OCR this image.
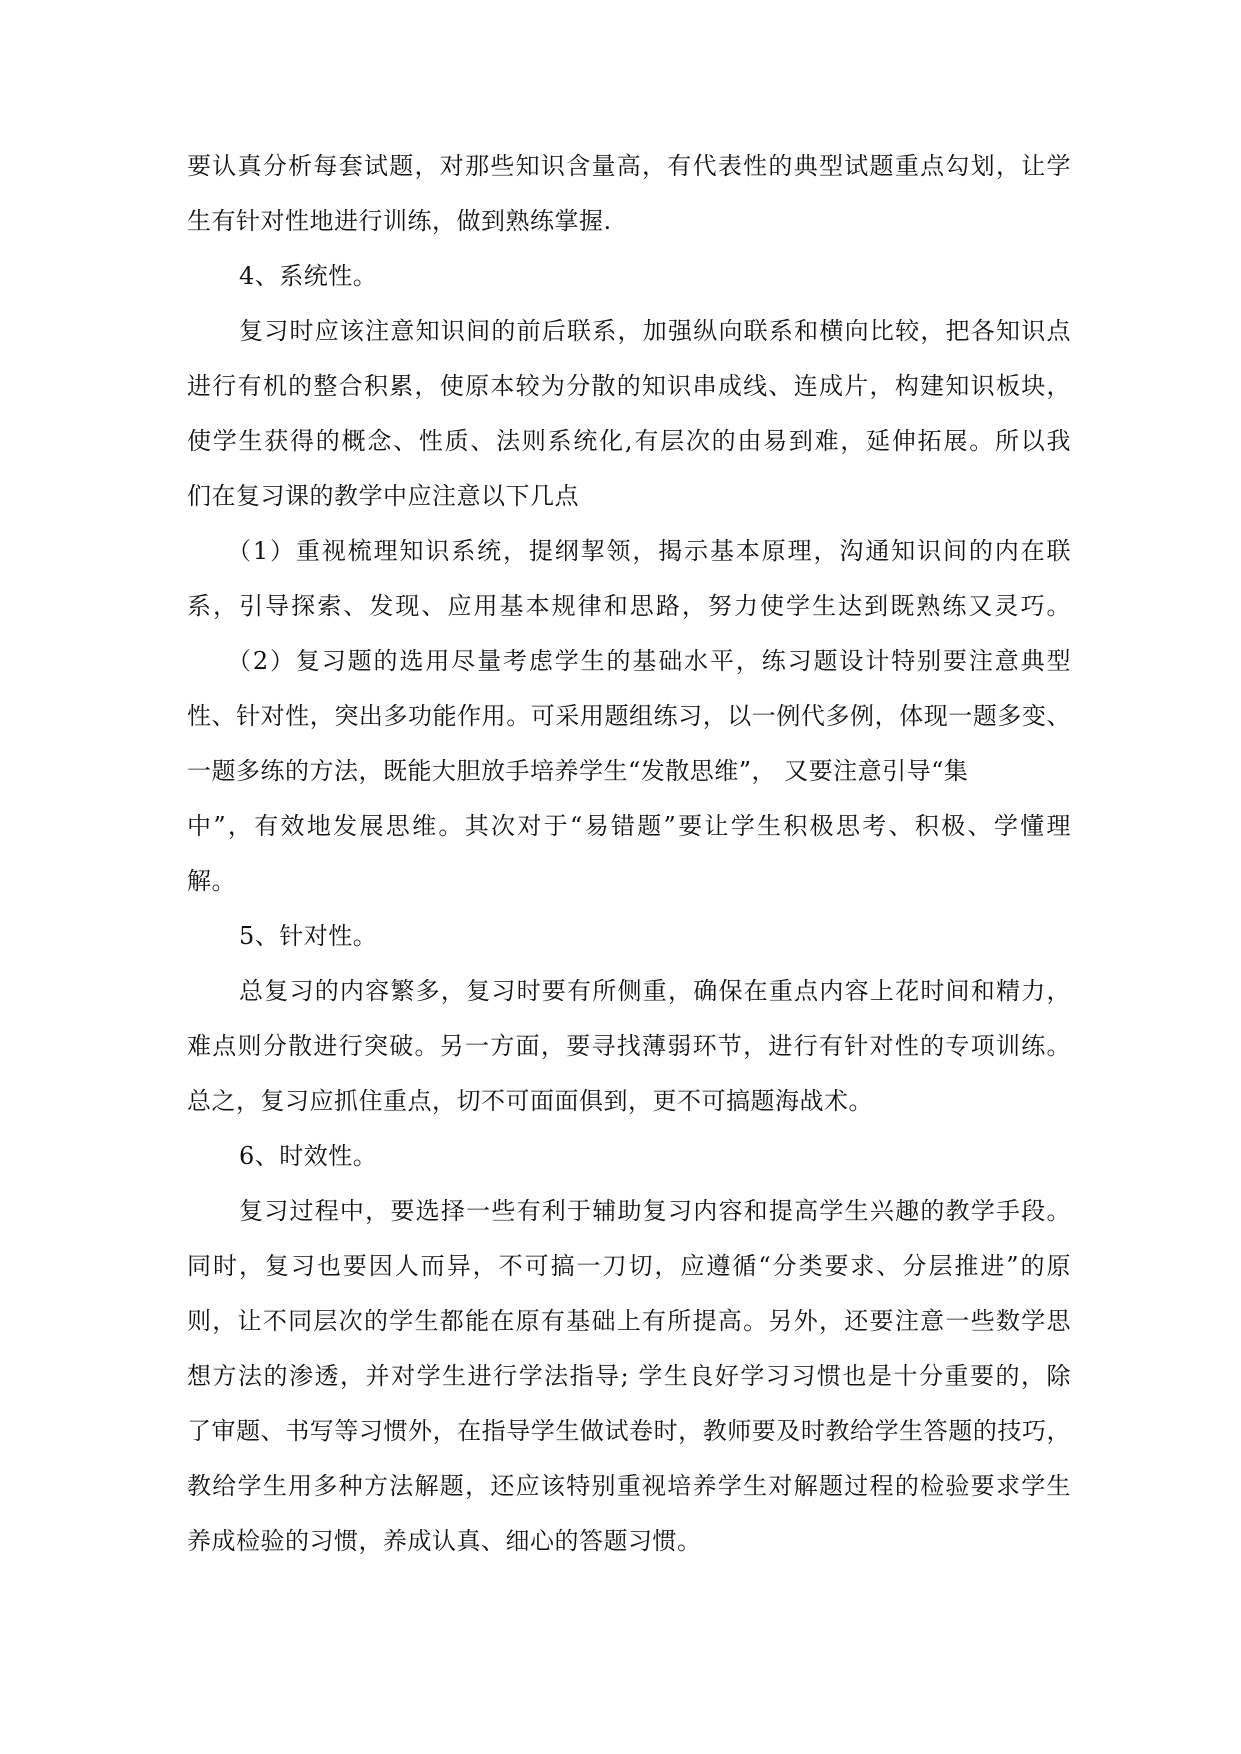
要认真分析每套试题，对那些知识含量高，有代表性的典型试题重点勾划，让学
生有针对性地进行训练，做到熟练掌握.
4、系统性。
复习时应该注意知识间的前后联系，加强纵向联系和横向比较，把各知识点
进行有机的整合积累，使原本较为分散的知识串成线、连成片，构建知识板块，
使学生获得的概念、性质、法则系统化,有层次的由易到难，延伸拓展。所以我
们在复习课的教学中应注意以下几点
（1）重视梳理知识系统，提纲挈领，揭示基本原理，沟通知识间的内在联
系，引导探索、发现、应用基本规律和思路，努力使学生达到既熟练又灵巧。
（2）复习题的选用尽量考虑学生的基础水平，练习题设计特别要注意典型
性、针对性，突出多功能作用。可采用题组练习，以一例代多例，体现一题多变、
一题多练的方法，既能大胆放手培养学生“发散思维”， 又要注意引导“集
中”，有效地发展思维。其次对于“易错题”要让学生积极思考、积极、学懂理
解。
5、针对性。
总复习的内容繁多，复习时要有所侧重，确保在重点内容上花时间和精力，
难点则分散进行突破。另一方面，要寻找薄弱环节，进行有针对性的专项训练。
总之，复习应抓住重点，切不可面面俱到，更不可搞题海战术。
6、时效性。
复习过程中，要选择一些有利于辅助复习内容和提高学生兴趣的教学手段。
同时，复习也要因人而异，不可搞一刀切，应遵循“分类要求、分层推进”的原
则，让不同层次的学生都能在原有基础上有所提高。另外，还要注意一些数学思
想方法的渗透，并对学生进行学法指导; 学生良好学习习惯也是十分重要的，除
了审题、书写等习惯外，在指导学生做试卷时，教师要及时教给学生答题的技巧，
教给学生用多种方法解题，还应该特别重视培养学生对解题过程的检验要求学生
养成检验的习惯，养成认真、细心的答题习惯。
